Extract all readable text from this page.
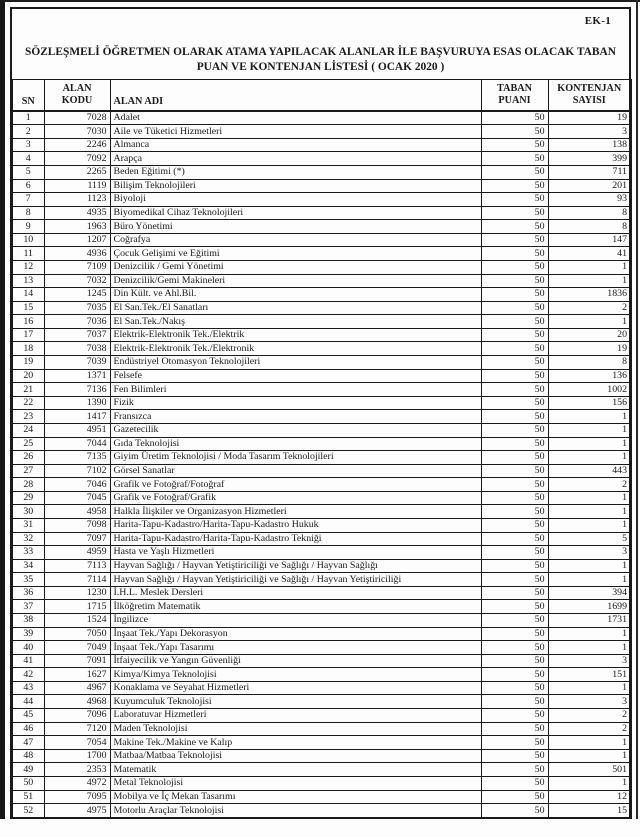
EK-1
SÖZLEŞMELİ ÖĞRETMEN OLARAK ATAMA YAPILACAK ALANLAR İLE BAŞVURUYA ESAS OLACAK TABAN
PUAN VE KONTENJAN LİSTESİ ( OCAK 2020 )
SN	ALAN KODU	ALAN ADI	TABAN PUANI	KONTENJAN SAYISI
1	7028	Adalet	50	19
2	7030	Aile ve Tüketici Hizmetleri	50	3
3	2246	Almanca	50	138
4	7092	Arapça	50	399
5	2265	Beden Eğitimi (*)	50	711
6	1119	Bilişim Teknolojileri	50	201
7	1123	Biyoloji	50	93
8	4935	Biyomedikal Cihaz Teknolojileri	50	8
9	1963	Büro Yönetimi	50	8
10	1207	Coğrafya	50	147
11	4936	Çocuk Gelişimi ve Eğitimi	50	41
12	7109	Denizcilik / Gemi Yönetimi	50	1
13	7032	Denizcilik/Gemi Makineleri	50	1
14	1245	Din Kült. ve Ahl.Bil.	50	1836
15	7035	El San.Tek./El Sanatları	50	2
16	7036	El San.Tek./Nakış	50	1
17	7037	Elektrik-Elektronik Tek./Elektrik	50	20
18	7038	Elektrik-Elektronik Tek./Elektronik	50	19
19	7039	Endüstriyel Otomasyon Teknolojileri	50	8
20	1371	Felsefe	50	136
21	7136	Fen Bilimleri	50	1002
22	1390	Fizik	50	156
23	1417	Fransızca	50	1
24	4951	Gazetecilik	50	1
25	7044	Gıda Teknolojisi	50	1
26	7135	Giyim Üretim Teknolojisi / Moda Tasarım Teknolojileri	50	1
27	7102	Görsel Sanatlar	50	443
28	7046	Grafik ve Fotoğraf/Fotoğraf	50	2
29	7045	Grafik ve Fotoğraf/Grafik	50	1
30	4958	Halkla İlişkiler ve Organizasyon Hizmetleri	50	1
31	7098	Harita-Tapu-Kadastro/Harita-Tapu-Kadastro Hukuk	50	1
32	7097	Harita-Tapu-Kadastro/Harita-Tapu-Kadastro Tekniği	50	5
33	4959	Hasta ve Yaşlı Hizmetleri	50	3
34	7113	Hayvan Sağlığı / Hayvan Yetiştiriciliği ve Sağlığı / Hayvan Sağlığı	50	1
35	7114	Hayvan Sağlığı / Hayvan Yetiştiriciliği ve Sağlığı / Hayvan Yetiştiriciliği	50	1
36	1230	İ.H.L. Meslek Dersleri	50	394
37	1715	İlköğretim Matematik	50	1699
38	1524	İngilizce	50	1731
39	7050	İnşaat Tek./Yapı Dekorasyon	50	1
40	7049	İnşaat Tek./Yapı Tasarımı	50	1
41	7091	İtfaiyecilik ve Yangın Güvenliği	50	3
42	1627	Kimya/Kimya Teknolojisi	50	151
43	4967	Konaklama ve Seyahat Hizmetleri	50	1
44	4968	Kuyumculuk Teknolojisi	50	3
45	7096	Laboratuvar Hizmetleri	50	2
46	7120	Maden Teknolojisi	50	2
47	7054	Makine Tek./Makine ve Kalıp	50	1
48	1700	Matbaa/Matbaa Teknolojisi	50	1
49	2353	Matematik	50	501
50	4972	Metal Teknolojisi	50	1
51	7095	Mobilya ve İç Mekan Tasarımı	50	12
52	4975	Motorlu Araçlar Teknolojisi	50	15
